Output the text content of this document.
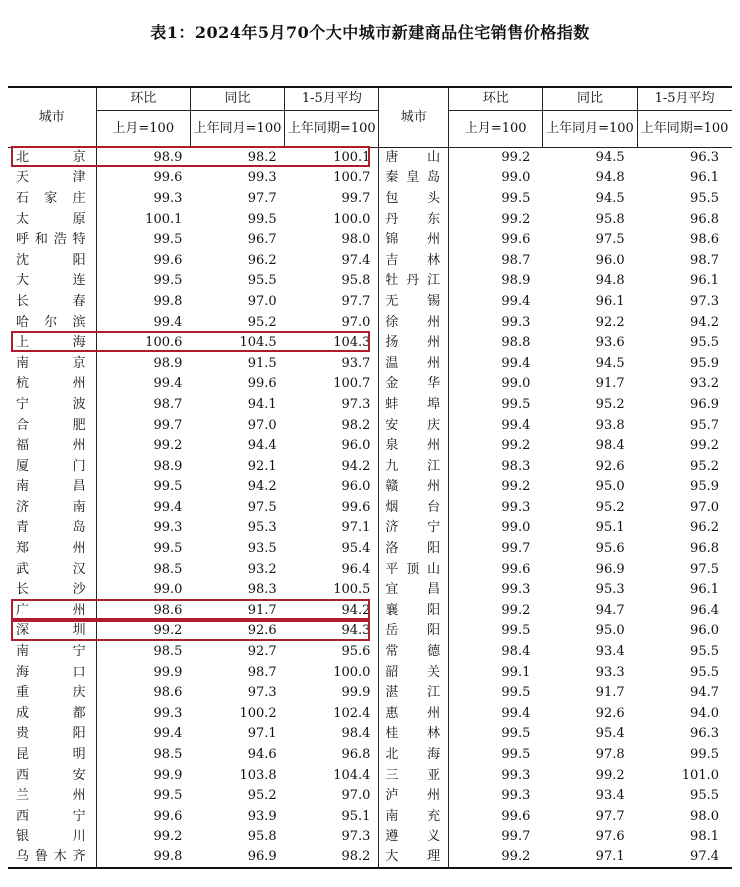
表1：2024年5月70个大中城市新建商品住宅销售价格指数
城市	环比	同比	1-5月平均	城市	环比	同比	1-5月平均
	上月=100	上年同月=100	上年同期=100		上月=100	上年同月=100	上年同期=100
北京	98.9	98.2	100.1	唐山	99.2	94.5	96.3
天津	99.6	99.3	100.7	秦皇岛	99.0	94.8	96.1
石家庄	99.3	97.7	99.7	包头	99.5	94.5	95.5
太原	100.1	99.5	100.0	丹东	99.2	95.8	96.8
呼和浩特	99.5	96.7	98.0	锦州	99.6	97.5	98.6
沈阳	99.6	96.2	97.4	吉林	98.7	96.0	98.7
大连	99.5	95.5	95.8	牡丹江	98.9	94.8	96.1
长春	99.8	97.0	97.7	无锡	99.4	96.1	97.3
哈尔滨	99.4	95.2	97.0	徐州	99.3	92.2	94.2
上海	100.6	104.5	104.3	扬州	98.8	93.6	95.5
南京	98.9	91.5	93.7	温州	99.4	94.5	95.9
杭州	99.4	99.6	100.7	金华	99.0	91.7	93.2
宁波	98.7	94.1	97.3	蚌埠	99.5	95.2	96.9
合肥	99.7	97.0	98.2	安庆	99.4	93.8	95.7
福州	99.2	94.4	96.0	泉州	99.2	98.4	99.2
厦门	98.9	92.1	94.2	九江	98.3	92.6	95.2
南昌	99.5	94.2	96.0	赣州	99.2	95.0	95.9
济南	99.4	97.5	99.6	烟台	99.3	95.2	97.0
青岛	99.3	95.3	97.1	济宁	99.0	95.1	96.2
郑州	99.5	93.5	95.4	洛阳	99.7	95.6	96.8
武汉	98.5	93.2	96.4	平顶山	99.6	96.9	97.5
长沙	99.0	98.3	100.5	宜昌	99.3	95.3	96.1
广州	98.6	91.7	94.2	襄阳	99.2	94.7	96.4
深圳	99.2	92.6	94.3	岳阳	99.5	95.0	96.0
南宁	98.5	92.7	95.6	常德	98.4	93.4	95.5
海口	99.9	98.7	100.0	韶关	99.1	93.3	95.5
重庆	98.6	97.3	99.9	湛江	99.5	91.7	94.7
成都	99.3	100.2	102.4	惠州	99.4	92.6	94.0
贵阳	99.4	97.1	98.4	桂林	99.5	95.4	96.3
昆明	98.5	94.6	96.8	北海	99.5	97.8	99.5
西安	99.9	103.8	104.4	三亚	99.3	99.2	101.0
兰州	99.5	95.2	97.0	泸州	99.3	93.4	95.5
西宁	99.6	93.9	95.1	南充	99.6	97.7	98.0
银川	99.2	95.8	97.3	遵义	99.7	97.6	98.1
乌鲁木齐	99.8	96.9	98.2	大理	99.2	97.1	97.4
